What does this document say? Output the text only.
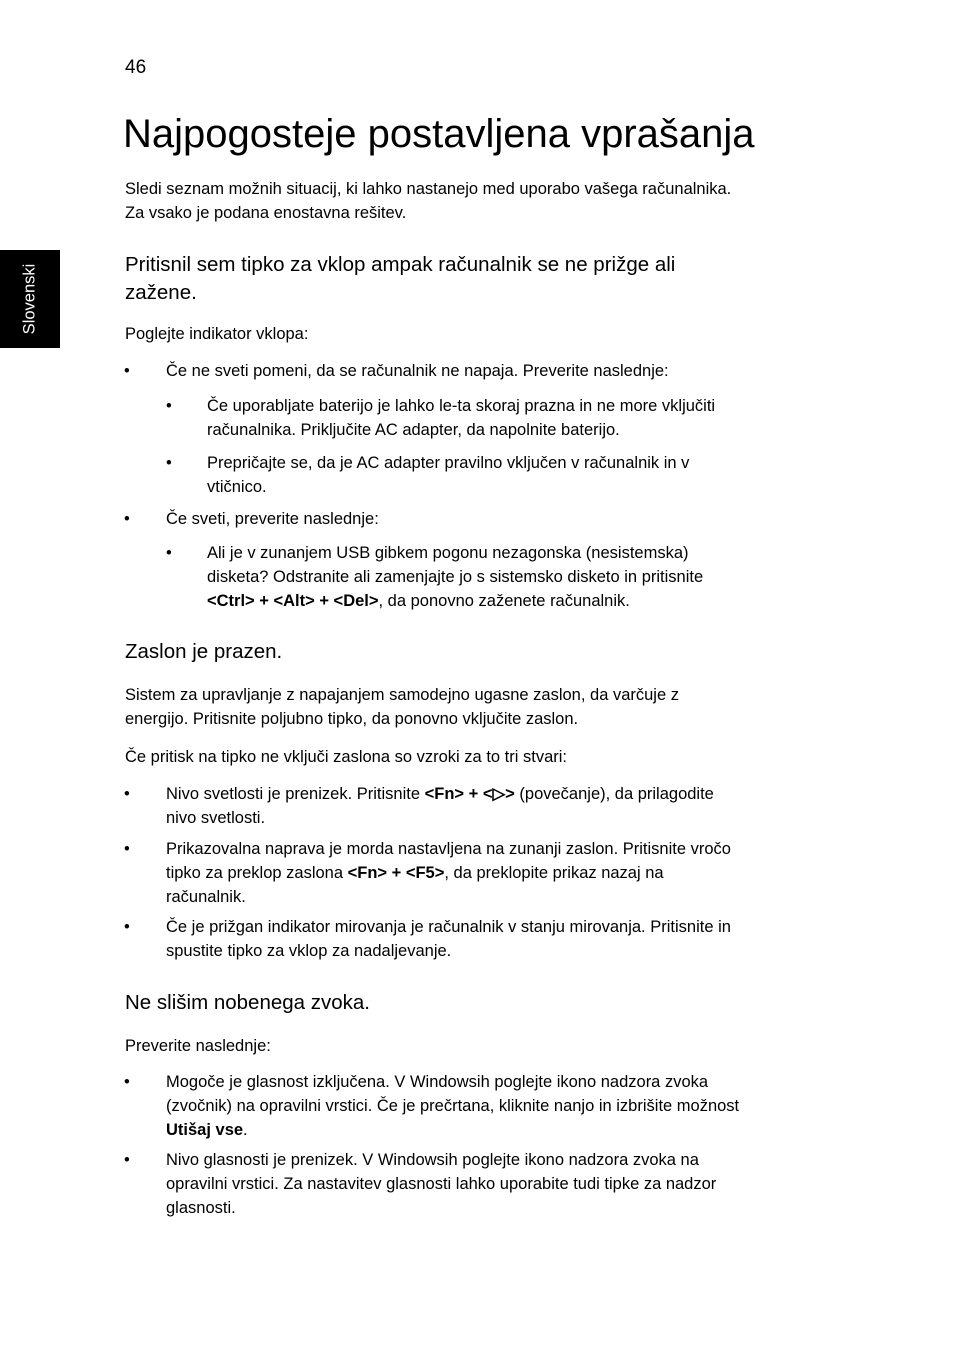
46
Slovenski
Najpogosteje postavljena vprašanja

Sledi seznam možnih situacij, ki lahko nastanejo med uporabo vašega računalnika.
Za vsako je podana enostavna rešitev.

Pritisnil sem tipko za vklop ampak računalnik se ne prižge ali
zažene.

Poglejte indikator vklopa:

• Če ne sveti pomeni, da se računalnik ne napaja. Preverite naslednje:

• Če uporabljate baterijo je lahko le-ta skoraj prazna in ne more vključiti
računalnika. Priključite AC adapter, da napolnite baterijo.

• Prepričajte se, da je AC adapter pravilno vključen v računalnik in v
vtičnico.

• Če sveti, preverite naslednje:

• Ali je v zunanjem USB gibkem pogonu nezagonska (nesistemska)
disketa? Odstranite ali zamenjajte jo s sistemsko disketo in pritisnite
<Ctrl> + <Alt> + <Del>, da ponovno zaženete računalnik.

Zaslon je prazen.

Sistem za upravljanje z napajanjem samodejno ugasne zaslon, da varčuje z
energijo. Pritisnite poljubno tipko, da ponovno vključite zaslon.

Če pritisk na tipko ne vključi zaslona so vzroki za to tri stvari:

• Nivo svetlosti je prenizek. Pritisnite <Fn> + <▷> (povečanje), da prilagodite
nivo svetlosti.

• Prikazovalna naprava je morda nastavljena na zunanji zaslon. Pritisnite vročo
tipko za preklop zaslona <Fn> + <F5>, da preklopite prikaz nazaj na
računalnik.

• Če je prižgan indikator mirovanja je računalnik v stanju mirovanja. Pritisnite in
spustite tipko za vklop za nadaljevanje.

Ne slišim nobenega zvoka.

Preverite naslednje:

• Mogoče je glasnost izključena. V Windowsih poglejte ikono nadzora zvoka
(zvočnik) na opravilni vrstici. Če je prečrtana, kliknite nanjo in izbrišite možnost
Utišaj vse.

• Nivo glasnosti je prenizek. V Windowsih poglejte ikono nadzora zvoka na
opravilni vrstici. Za nastavitev glasnosti lahko uporabite tudi tipke za nadzor
glasnosti.
